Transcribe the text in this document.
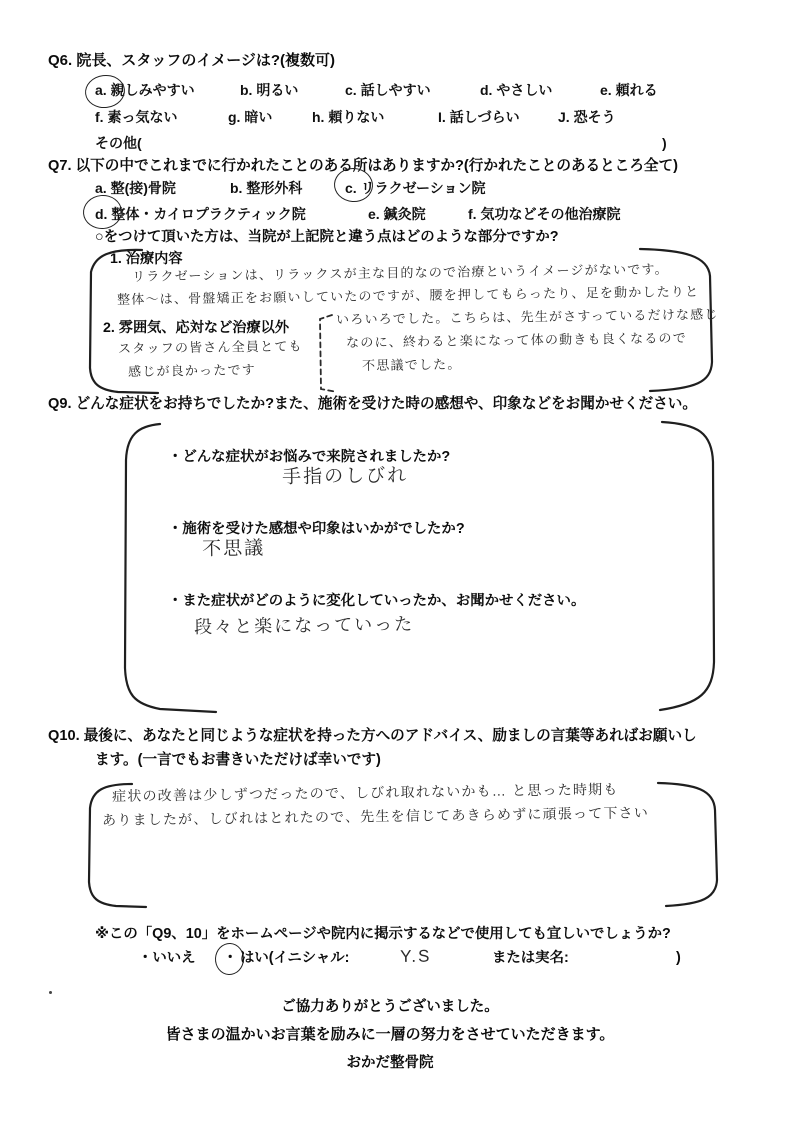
Q6. 院長、スタッフのイメージは?(複数可)
a. 親しみやすい	b. 明るい	c. 話しやすい	d. やさしい	e. 頼れる
f. 素っ気ない	g. 暗い	h. 頼りない	I. 話しづらい	J. 恐そう
その他(	)
Q7. 以下の中でこれまでに行かれたことのある所はありますか?(行かれたことのあるところ全て)
a. 整(接)骨院	b. 整形外科	c. リラクゼーション院
d. 整体・カイロプラクティック院	e. 鍼灸院	f. 気功などその他治療院
○をつけて頂いた方は、当院が上記院と違う点はどのような部分ですか?
1. 治療内容
リラクゼーションは、リラックスが主な目的なので治療というイメージがないです。
整体〜は、骨盤矯正をお願いしていたのですが、腰を押してもらったり、足を動かしたりと
2. 雰囲気、応対など治療以外
いろいろでした。こちらは、先生がさすっているだけな感じ
なのに、終わると楽になって体の動きも良くなるので
不思議でした。
スタッフの皆さん全員とても
感じが良かったです
Q9. どんな症状をお持ちでしたか?また、施術を受けた時の感想や、印象などをお聞かせください。
・どんな症状がお悩みで来院されましたか?
手指のしびれ
・施術を受けた感想や印象はいかがでしたか?
不思議
・また症状がどのように変化していったか、お聞かせください。
段々と楽になっていった
Q10. 最後に、あなたと同じような症状を持った方へのアドバイス、励ましの言葉等あればお願いし
ます。(一言でもお書きいただけば幸いです)
症状の改善は少しずつだったので、しびれ取れないかも… と思った時期も
ありましたが、しびれはとれたので、先生を信じてあきらめずに頑張って下さい
※この「Q9、10」をホームページや院内に掲示するなどで使用しても宜しいでしょうか?
・いいえ ・ はい(イニシャル:	Y.S	または実名:	)
ご協力ありがとうございました。
皆さまの温かいお言葉を励みに一層の努力をさせていただきます。
おかだ整骨院
